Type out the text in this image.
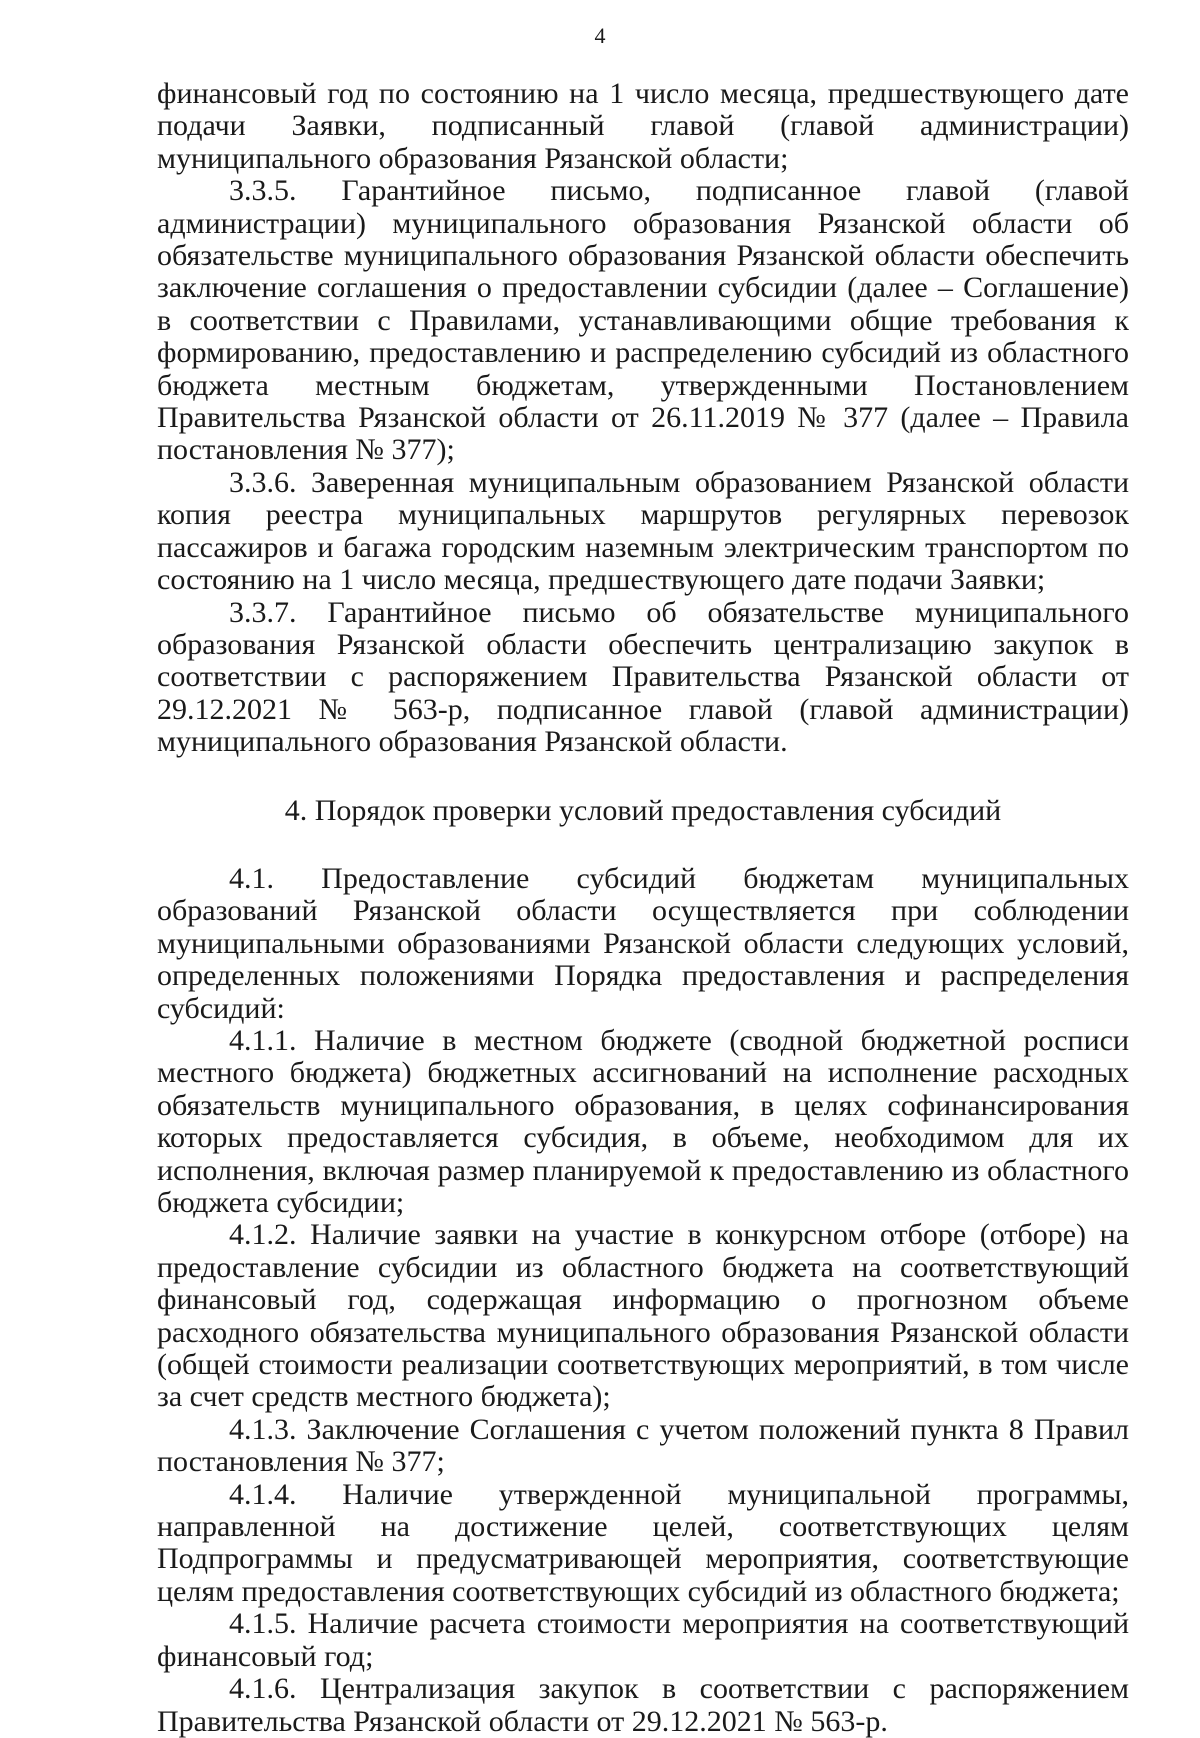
4

финансовый год по состоянию на 1 число месяца, предшествующего дате подачи Заявки, подписанный главой (главой администрации) муниципального образования Рязанской области;

3.3.5. Гарантийное письмо, подписанное главой (главой администрации) муниципального образования Рязанской области об обязательстве муниципального образования Рязанской области обеспечить заключение соглашения о предоставлении субсидии (далее – Соглашение) в соответствии с Правилами, устанавливающими общие требования к формированию, предоставлению и распределению субсидий из областного бюджета местным бюджетам, утвержденными Постановлением Правительства Рязанской области от 26.11.2019 № 377 (далее – Правила постановления № 377);

3.3.6. Заверенная муниципальным образованием Рязанской области копия реестра муниципальных маршрутов регулярных перевозок пассажиров и багажа городским наземным электрическим транспортом по состоянию на 1 число месяца, предшествующего дате подачи Заявки;

3.3.7. Гарантийное письмо об обязательстве муниципального образования Рязанской области обеспечить централизацию закупок в соответствии с распоряжением Правительства Рязанской области от 29.12.2021 № 563-р, подписанное главой (главой администрации) муниципального образования Рязанской области.

4. Порядок проверки условий предоставления субсидий

4.1. Предоставление субсидий бюджетам муниципальных образований Рязанской области осуществляется при соблюдении муниципальными образованиями Рязанской области следующих условий, определенных положениями Порядка предоставления и распределения субсидий:

4.1.1. Наличие в местном бюджете (сводной бюджетной росписи местного бюджета) бюджетных ассигнований на исполнение расходных обязательств муниципального образования, в целях софинансирования которых предоставляется субсидия, в объеме, необходимом для их исполнения, включая размер планируемой к предоставлению из областного бюджета субсидии;

4.1.2. Наличие заявки на участие в конкурсном отборе (отборе) на предоставление субсидии из областного бюджета на соответствующий финансовый год, содержащая информацию о прогнозном объеме расходного обязательства муниципального образования Рязанской области (общей стоимости реализации соответствующих мероприятий, в том числе за счет средств местного бюджета);

4.1.3. Заключение Соглашения с учетом положений пункта 8 Правил постановления № 377;

4.1.4. Наличие утвержденной муниципальной программы, направленной на достижение целей, соответствующих целям Подпрограммы и предусматривающей мероприятия, соответствующие целям предоставления соответствующих субсидий из областного бюджета;

4.1.5. Наличие расчета стоимости мероприятия на соответствующий финансовый год;

4.1.6. Централизация закупок в соответствии с распоряжением Правительства Рязанской области от 29.12.2021 № 563-р.
